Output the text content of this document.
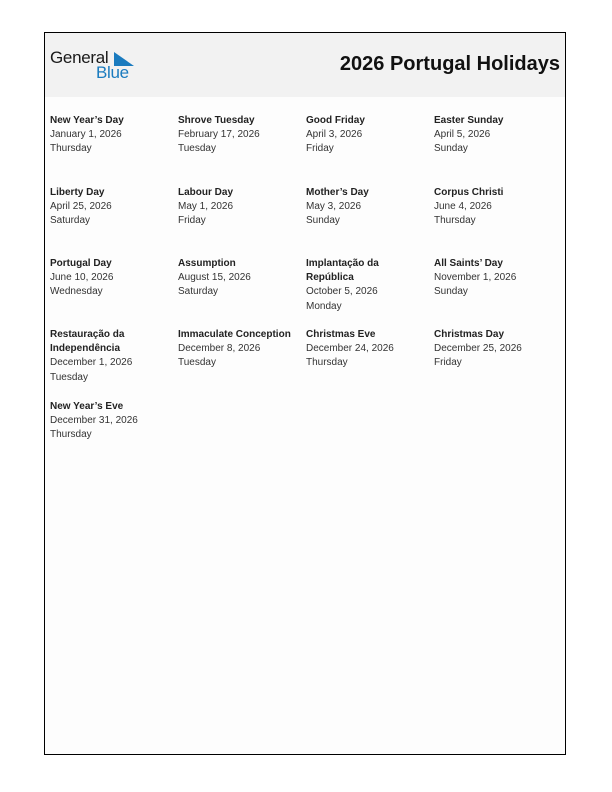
General
Blue	2026 Portugal Holidays
New Year’s Day
January 1, 2026
Thursday
Shrove Tuesday
February 17, 2026
Tuesday
Good Friday
April 3, 2026
Friday
Easter Sunday
April 5, 2026
Sunday
Liberty Day
April 25, 2026
Saturday
Labour Day
May 1, 2026
Friday
Mother’s Day
May 3, 2026
Sunday
Corpus Christi
June 4, 2026
Thursday
Portugal Day
June 10, 2026
Wednesday
Assumption
August 15, 2026
Saturday
Implantação da República
October 5, 2026
Monday
All Saints’ Day
November 1, 2026
Sunday
Restauração da Independência
December 1, 2026
Tuesday
Immaculate Conception
December 8, 2026
Tuesday
Christmas Eve
December 24, 2026
Thursday
Christmas Day
December 25, 2026
Friday
New Year’s Eve
December 31, 2026
Thursday
